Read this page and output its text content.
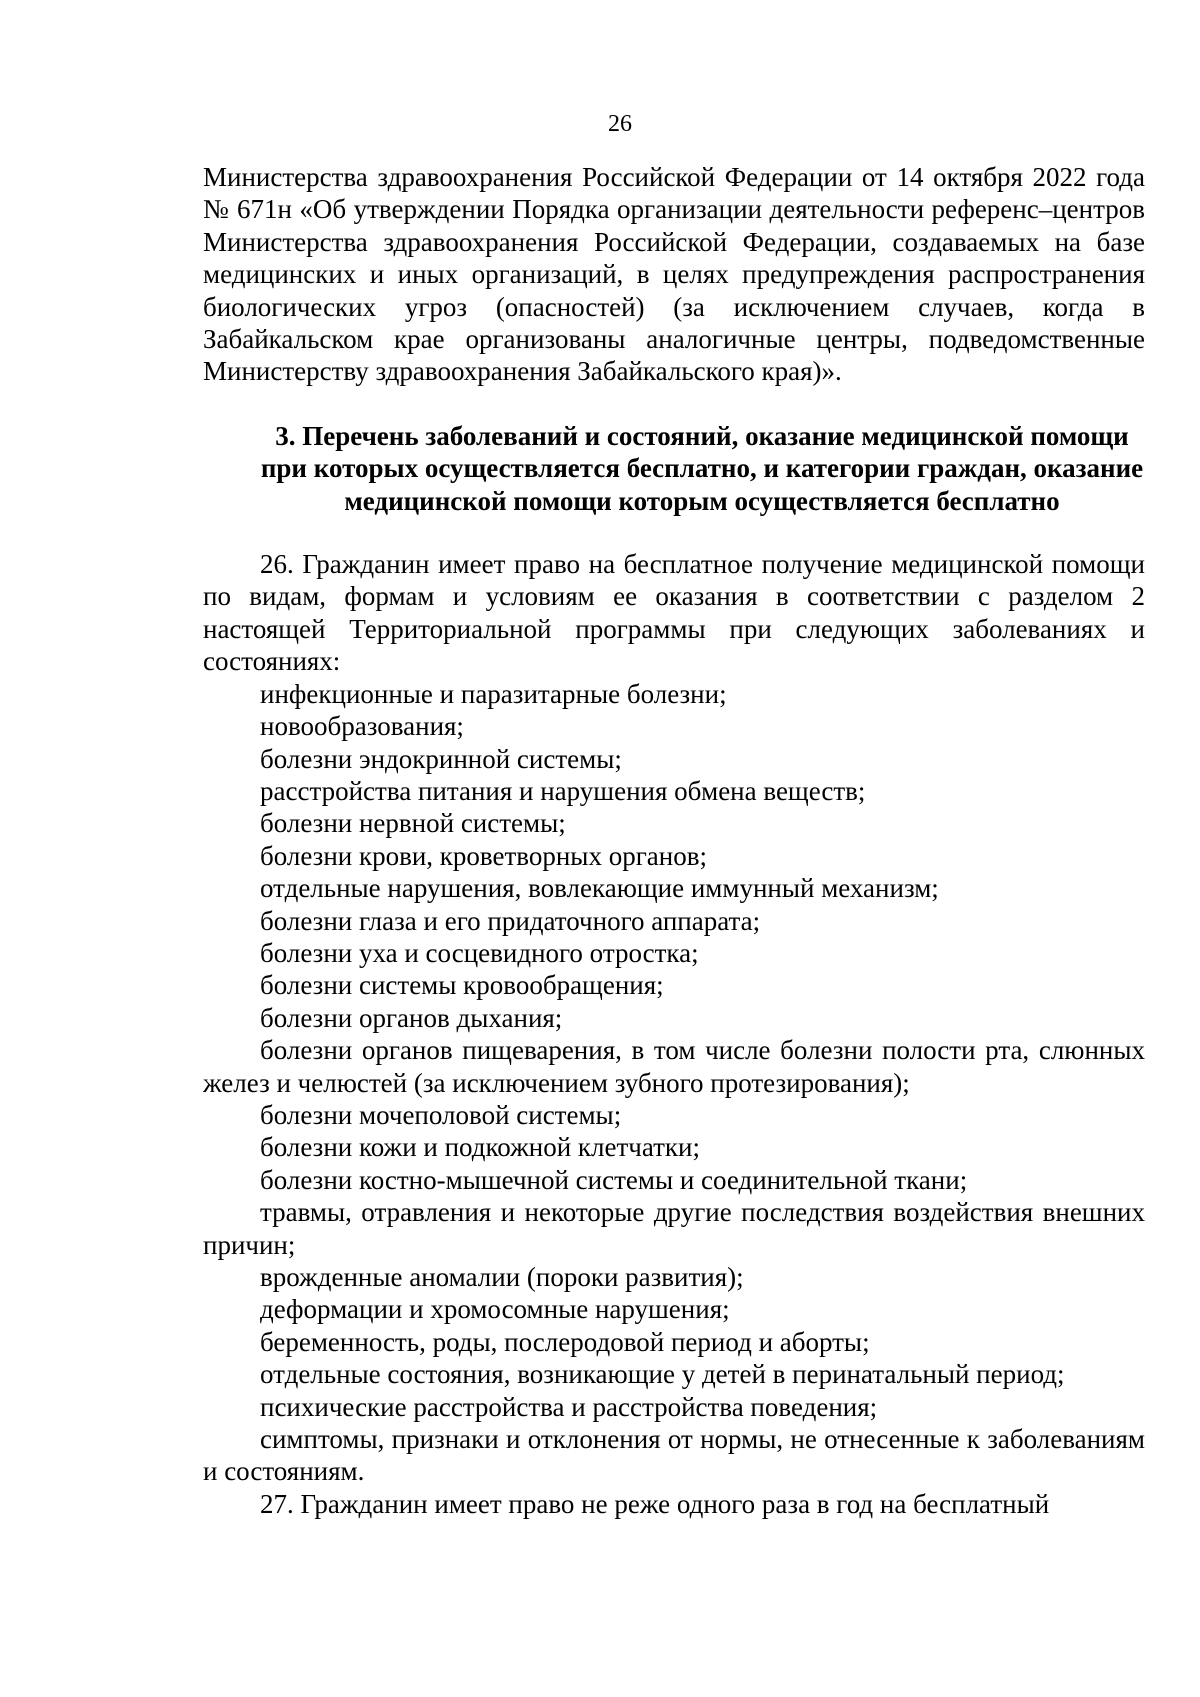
26

Министерства здравоохранения Российской Федерации от 14 октября 2022 года № 671н «Об утверждении Порядка организации деятельности референс–центров Министерства здравоохранения Российской Федерации, создаваемых на базе медицинских и иных организаций, в целях предупреждения распространения биологических угроз (опасностей) (за исключением случаев, когда в Забайкальском крае организованы аналогичные центры, подведомственные Министерству здравоохранения Забайкальского края)».

3. Перечень заболеваний и состояний, оказание медицинской помощи при которых осуществляется бесплатно, и категории граждан, оказание медицинской помощи которым осуществляется бесплатно

26. Гражданин имеет право на бесплатное получение медицинской помощи по видам, формам и условиям ее оказания в соответствии с разделом 2 настоящей Территориальной программы при следующих заболеваниях и состояниях:

инфекционные и паразитарные болезни;
новообразования;
болезни эндокринной системы;
расстройства питания и нарушения обмена веществ;
болезни нервной системы;
болезни крови, кроветворных органов;
отдельные нарушения, вовлекающие иммунный механизм;
болезни глаза и его придаточного аппарата;
болезни уха и сосцевидного отростка;
болезни системы кровообращения;
болезни органов дыхания;
болезни органов пищеварения, в том числе болезни полости рта, слюнных желез и челюстей (за исключением зубного протезирования);
болезни мочеполовой системы;
болезни кожи и подкожной клетчатки;
болезни костно-мышечной системы и соединительной ткани;
травмы, отравления и некоторые другие последствия воздействия внешних причин;
врожденные аномалии (пороки развития);
деформации и хромосомные нарушения;
беременность, роды, послеродовой период и аборты;
отдельные состояния, возникающие у детей в перинатальный период;
психические расстройства и расстройства поведения;
симптомы, признаки и отклонения от нормы, не отнесенные к заболеваниям и состояниям.

27. Гражданин имеет право не реже одного раза в год на бесплатный
